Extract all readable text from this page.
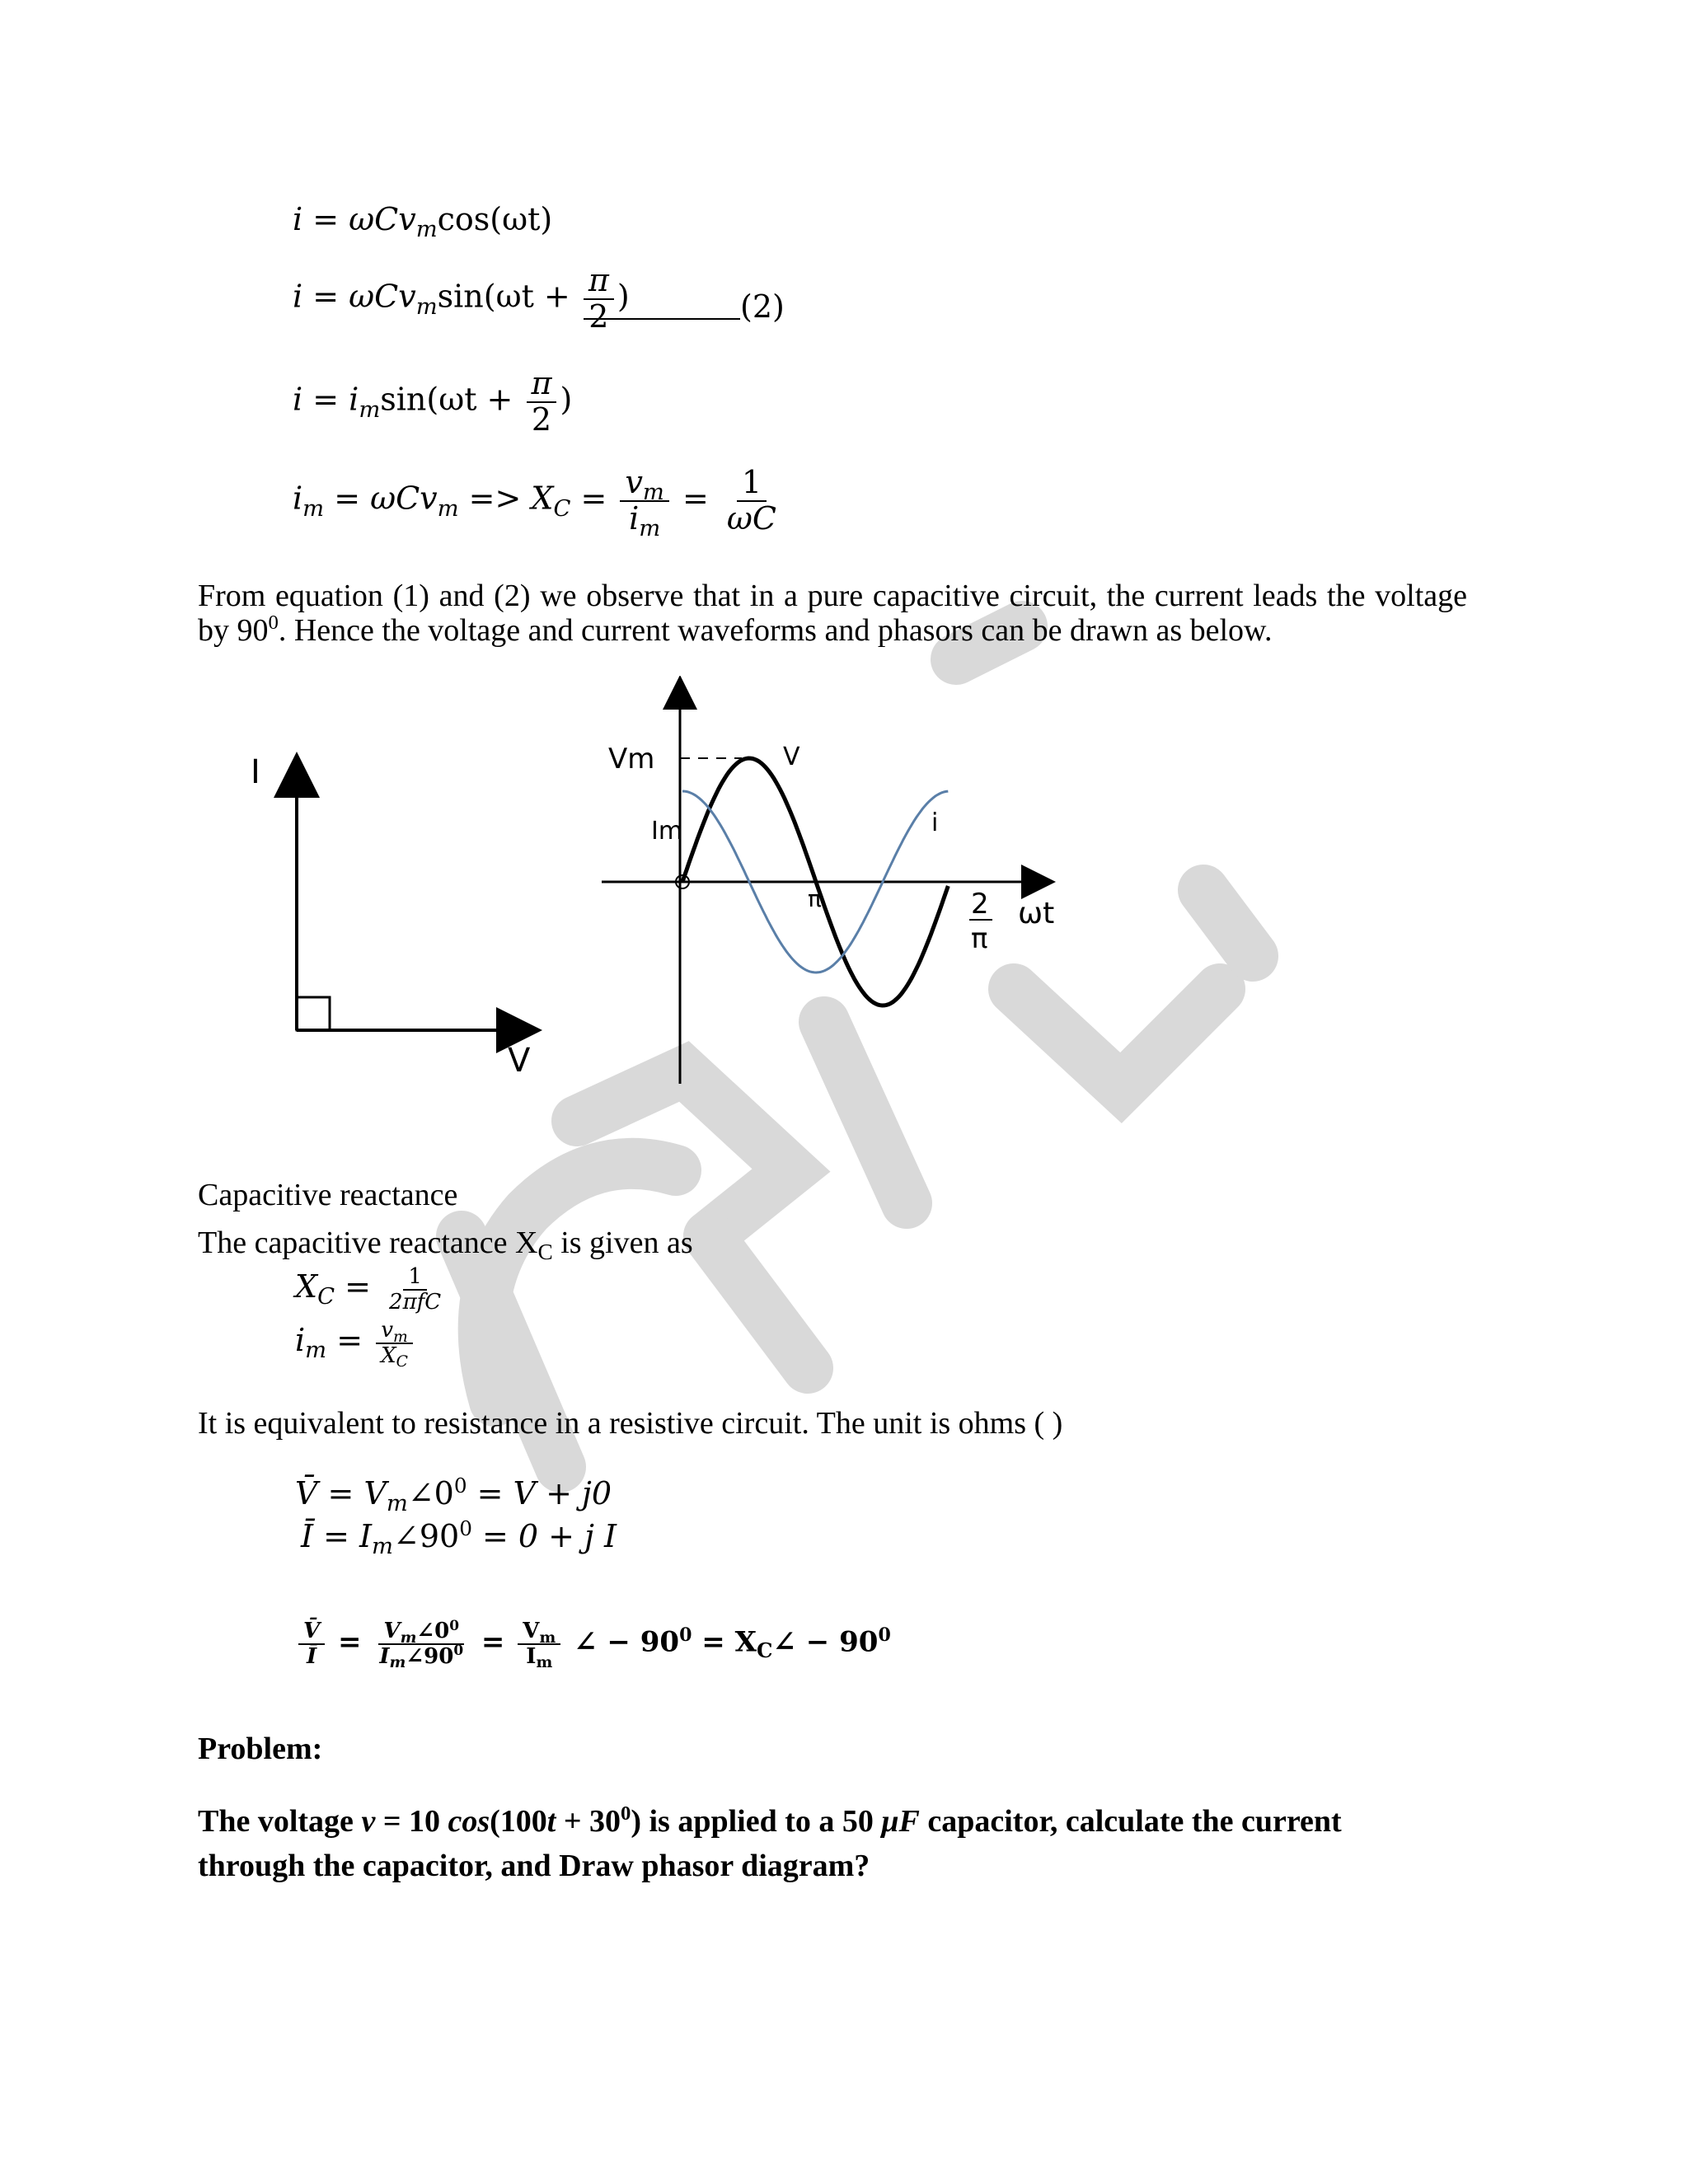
i = ωCv$_m$cos(ωt)
$i = \omega Cv_m\sin(\omega t + \frac{\pi}{2}$ )	(2)
$i = i_m\sin(\omega t + \frac{\pi}{2}$ )
$i_m = \omega Cv_m => X_C = \frac{v_m}{i_m} = \frac{1}{\omega C}$
From equation (1) and (2) we observe that in a pure capacitive circuit, the current leads the voltage by $90^0$. Hence the voltage and current waveforms and phasors can be drawn as below.
I
V
Vm
Im
V
i
π	2
π
ωt
Capacitive reactance
The capacitive reactance $X_C$ is given as
$X_C = \frac{1}{\text{2πfC}}$
$i_m = \frac{v_m}{X_C}$
It is equivalent to resistance in a resistive circuit. The unit is ohms ( )
V̄ = $V_m\angle 0^0 = V + j0$
Ī = $I_m\angle 90^0 = 0 + j$ I
$\frac{V̄}{Ī} = \frac{V_m\angle 0^0}{I_m\angle 90^0} = \frac{V_m}{I_m}$ ∠ − $90^0$ = $X_C\angle - 90^0$
Problem:
The voltage v = 10 $\cos(100t + 30^0)$ is applied to a 50 μF capacitor, calculate the current
through the capacitor, and Draw phasor diagram?
